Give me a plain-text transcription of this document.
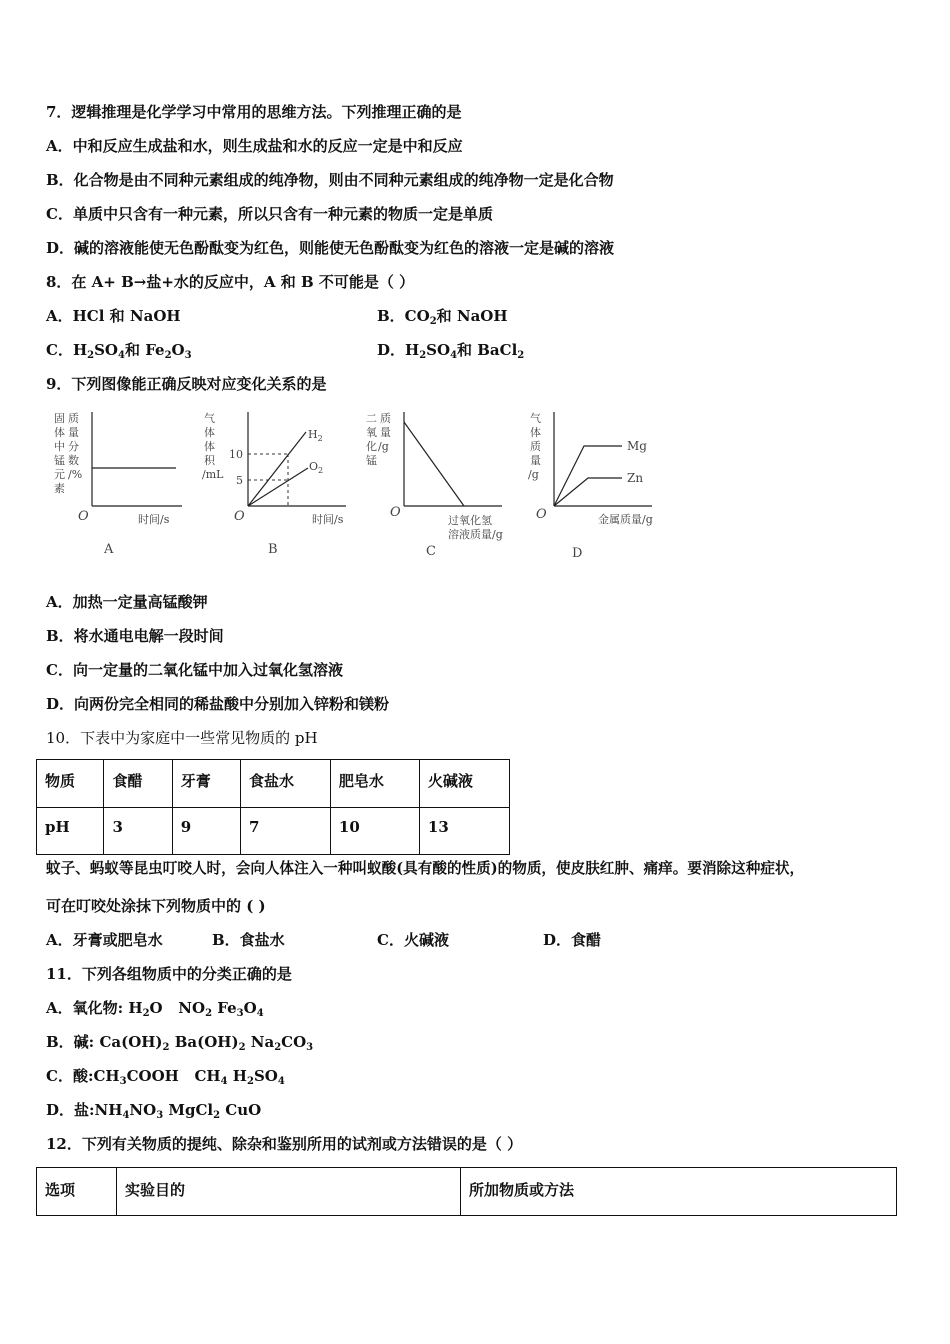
7．逻辑推理是化学学习中常用的思维方法。下列推理正确的是
A．中和反应生成盐和水，则生成盐和水的反应一定是中和反应
B．化合物是由不同种元素组成的纯净物，则由不同种元素组成的纯净物一定是化合物
C．单质中只含有一种元素，所以只含有一种元素的物质一定是单质
D．碱的溶液能使无色酚酞变为红色，则能使无色酚酞变为红色的溶液一定是碱的溶液
8．在 A+ B→盐+水的反应中，A 和 B 不可能是（ ）
A．HCl 和 NaOH	B．$CO_2$和 NaOH
C．$H_2SO_4$和 $Fe_2O_3$	D．$H_2SO_4$和 BaCl$_2$
9．下列图像能正确反映对应变化关系的是
固
体
中
锰
元
素
质
量
分
数
/%
O	时间/s
A
气
体
体
积
/mL
10
5
$H_2$
$O_2$
O	时间/s
B
二
氧
化
锰
质
量
/g
O
过氧化氢
溶液质量/g
C
气
体
质
量
/g
Mg
Zn
O	金属质量/g
D
A．加热一定量高锰酸钾
B．将水通电电解一段时间
C．向一定量的二氧化锰中加入过氧化氢溶液
D．向两份完全相同的稀盐酸中分别加入锌粉和镁粉
10．下表中为家庭中一些常见物质的 pH
物质	食醋	牙膏	食盐水	肥皂水	火碱液
pH	3	9	7	10	13
蚊子、蚂蚁等昆虫叮咬人时，会向人体注入一种叫蚁酸(具有酸的性质)的物质，使皮肤红肿、痛痒。要消除这种症状，
可在叮咬处涂抹下列物质中的 ( )
A．牙膏或肥皂水	B．食盐水	C．火碱液	D．食醋
11．下列各组物质中的分类正确的是
A．氧化物: $H_2O$   $NO_2$ $Fe_3O_4$
B．碱: $Ca(OH)_2$ $Ba(OH)_2$ $Na_2CO_3$
C．酸$:CH_3COOH$   $CH_4$ $H_2SO_4$
D．盐$:NH_4NO_3$ MgCl$_2$ CuO
12．下列有关物质的提纯、除杂和鉴别所用的试剂或方法错误的是（ ）
选项	实验目的	所加物质或方法
